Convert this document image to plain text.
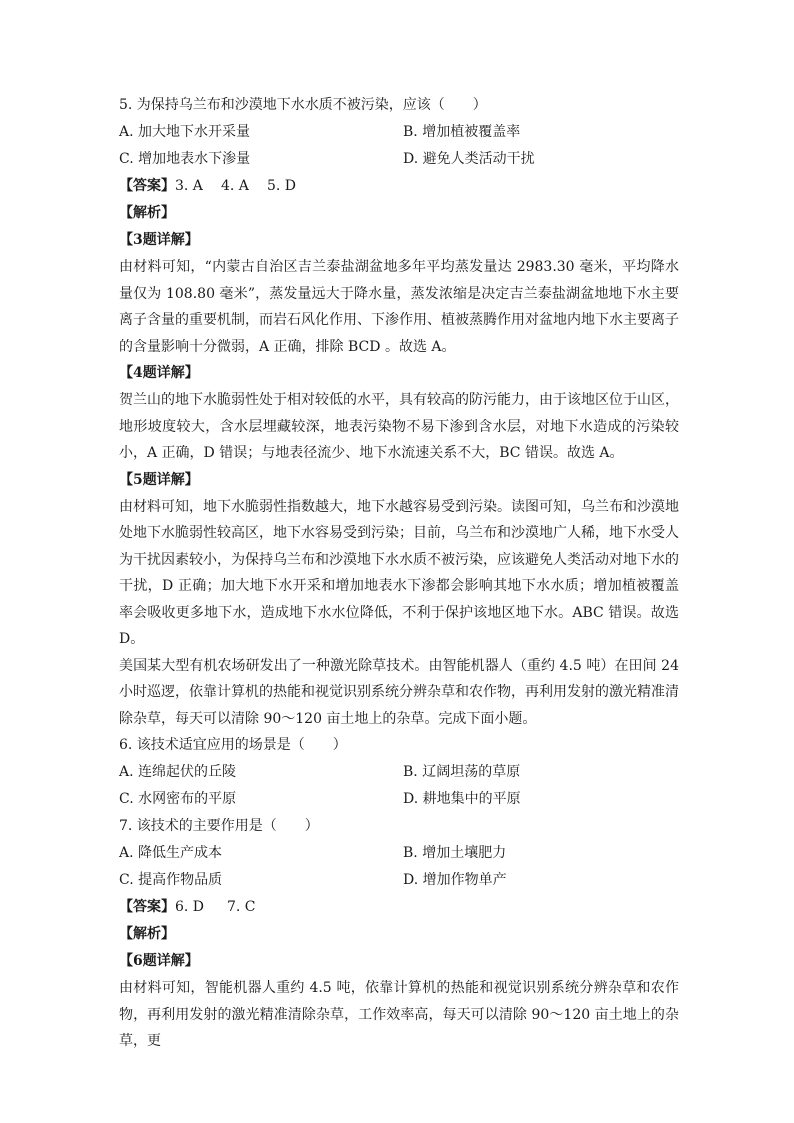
5. 为保持乌兰布和沙漠地下水水质不被污染，应该（　　）
A. 加大地下水开采量	B. 增加植被覆盖率
C. 增加地表水下渗量	D. 避免人类活动干扰
【答案】3. A 4. A 5. D
【解析】
【3题详解】

由材料可知，“内蒙古自治区吉兰泰盐湖盆地多年平均蒸发量达 2983.30 毫米，平均降水量仅为 108.80 毫米”，蒸发量远大于降水量，蒸发浓缩是决定吉兰泰盐湖盆地地下水主要离子含量的重要机制，而岩石风化作用、下渗作用、植被蒸腾作用对盆地内地下水主要离子的含量影响十分微弱，A 正确，排除 BCD 。故选 A。

【4题详解】

贺兰山的地下水脆弱性处于相对较低的水平，具有较高的防污能力，由于该地区位于山区，地形坡度较大，含水层埋藏较深，地表污染物不易下渗到含水层，对地下水造成的污染较小，A 正确，D 错误；与地表径流少、地下水流速关系不大，BC 错误。故选 A。

【5题详解】

由材料可知，地下水脆弱性指数越大，地下水越容易受到污染。读图可知，乌兰布和沙漠地处地下水脆弱性较高区，地下水容易受到污染；目前，乌兰布和沙漠地广人稀，地下水受人为干扰因素较小，为保持乌兰布和沙漠地下水水质不被污染，应该避免人类活动对地下水的干扰，D 正确；加大地下水开采和增加地表水下渗都会影响其地下水水质；增加植被覆盖率会吸收更多地下水，造成地下水水位降低，不利于保护该地区地下水。ABC 错误。故选 D。

美国某大型有机农场研发出了一种激光除草技术。由智能机器人（重约 4.5 吨）在田间 24 小时巡逻，依靠计算机的热能和视觉识别系统分辨杂草和农作物，再利用发射的激光精准清除杂草，每天可以清除 90～120 亩土地上的杂草。完成下面小题。

6. 该技术适宜应用的场景是（　　）
A. 连绵起伏的丘陵	B. 辽阔坦荡的草原
C. 水网密布的平原	D. 耕地集中的平原
7. 该技术的主要作用是（　　）
A. 降低生产成本	B. 增加土壤肥力
C. 提高作物品质	D. 增加作物单产
【答案】6. D 7. C
【解析】
【6题详解】

由材料可知，智能机器人重约 4.5 吨，依靠计算机的热能和视觉识别系统分辨杂草和农作物，再利用发射的激光精准清除杂草，工作效率高，每天可以清除 90～120 亩土地上的杂草，更
